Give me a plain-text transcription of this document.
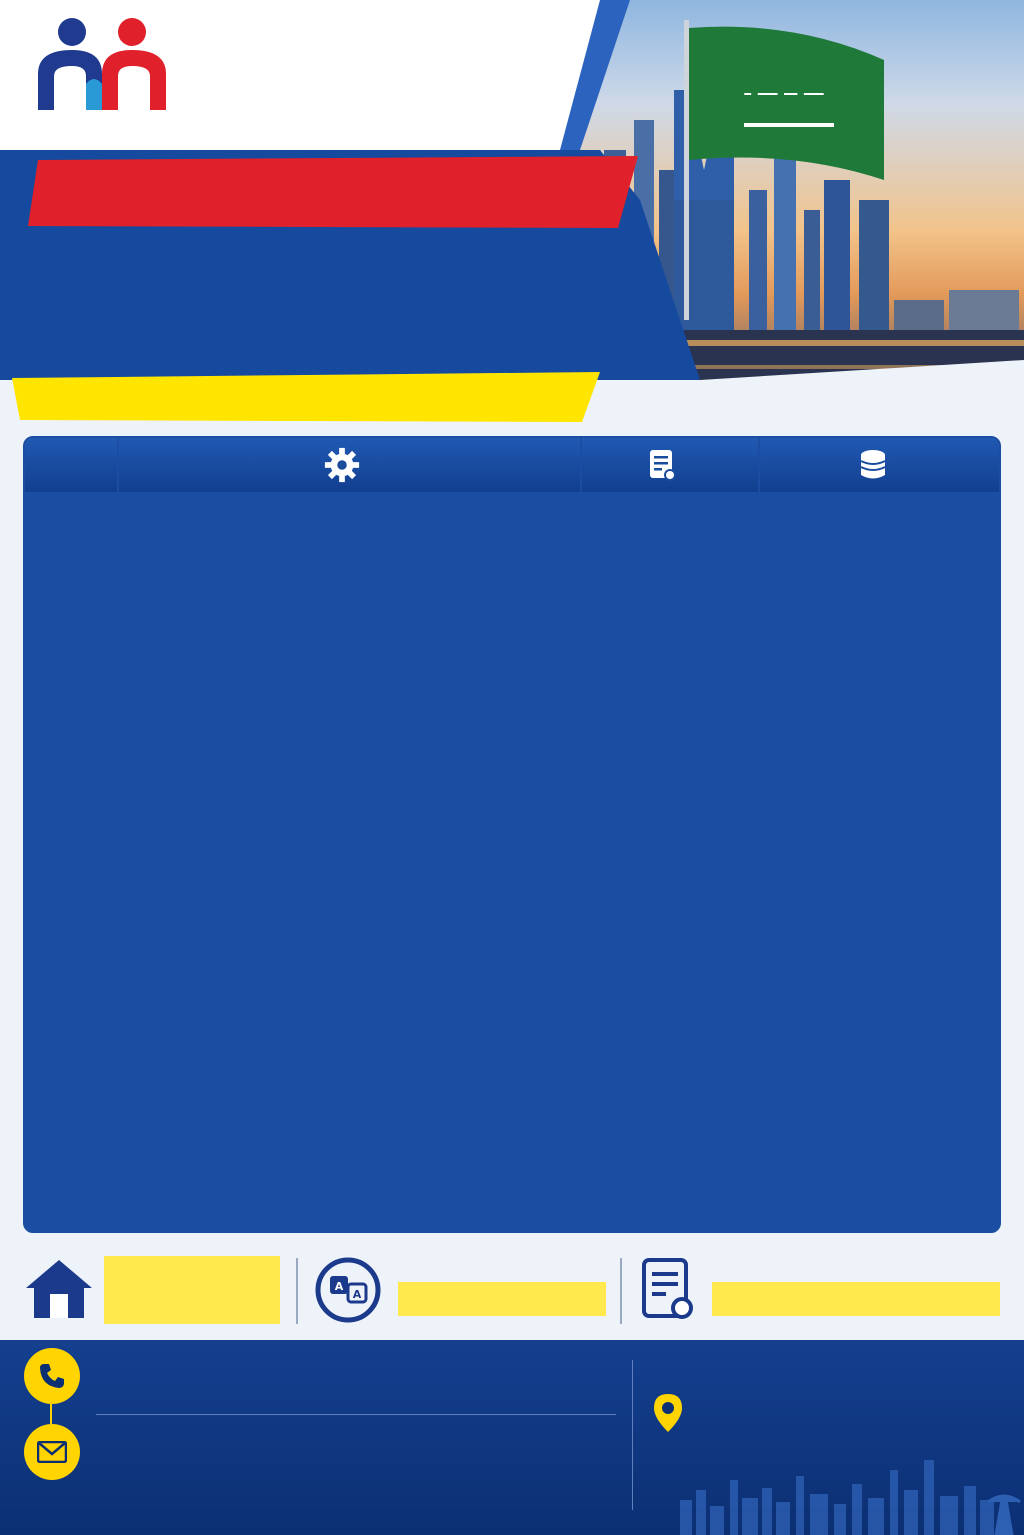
ـــ ــ ـــ ـ
A
A
